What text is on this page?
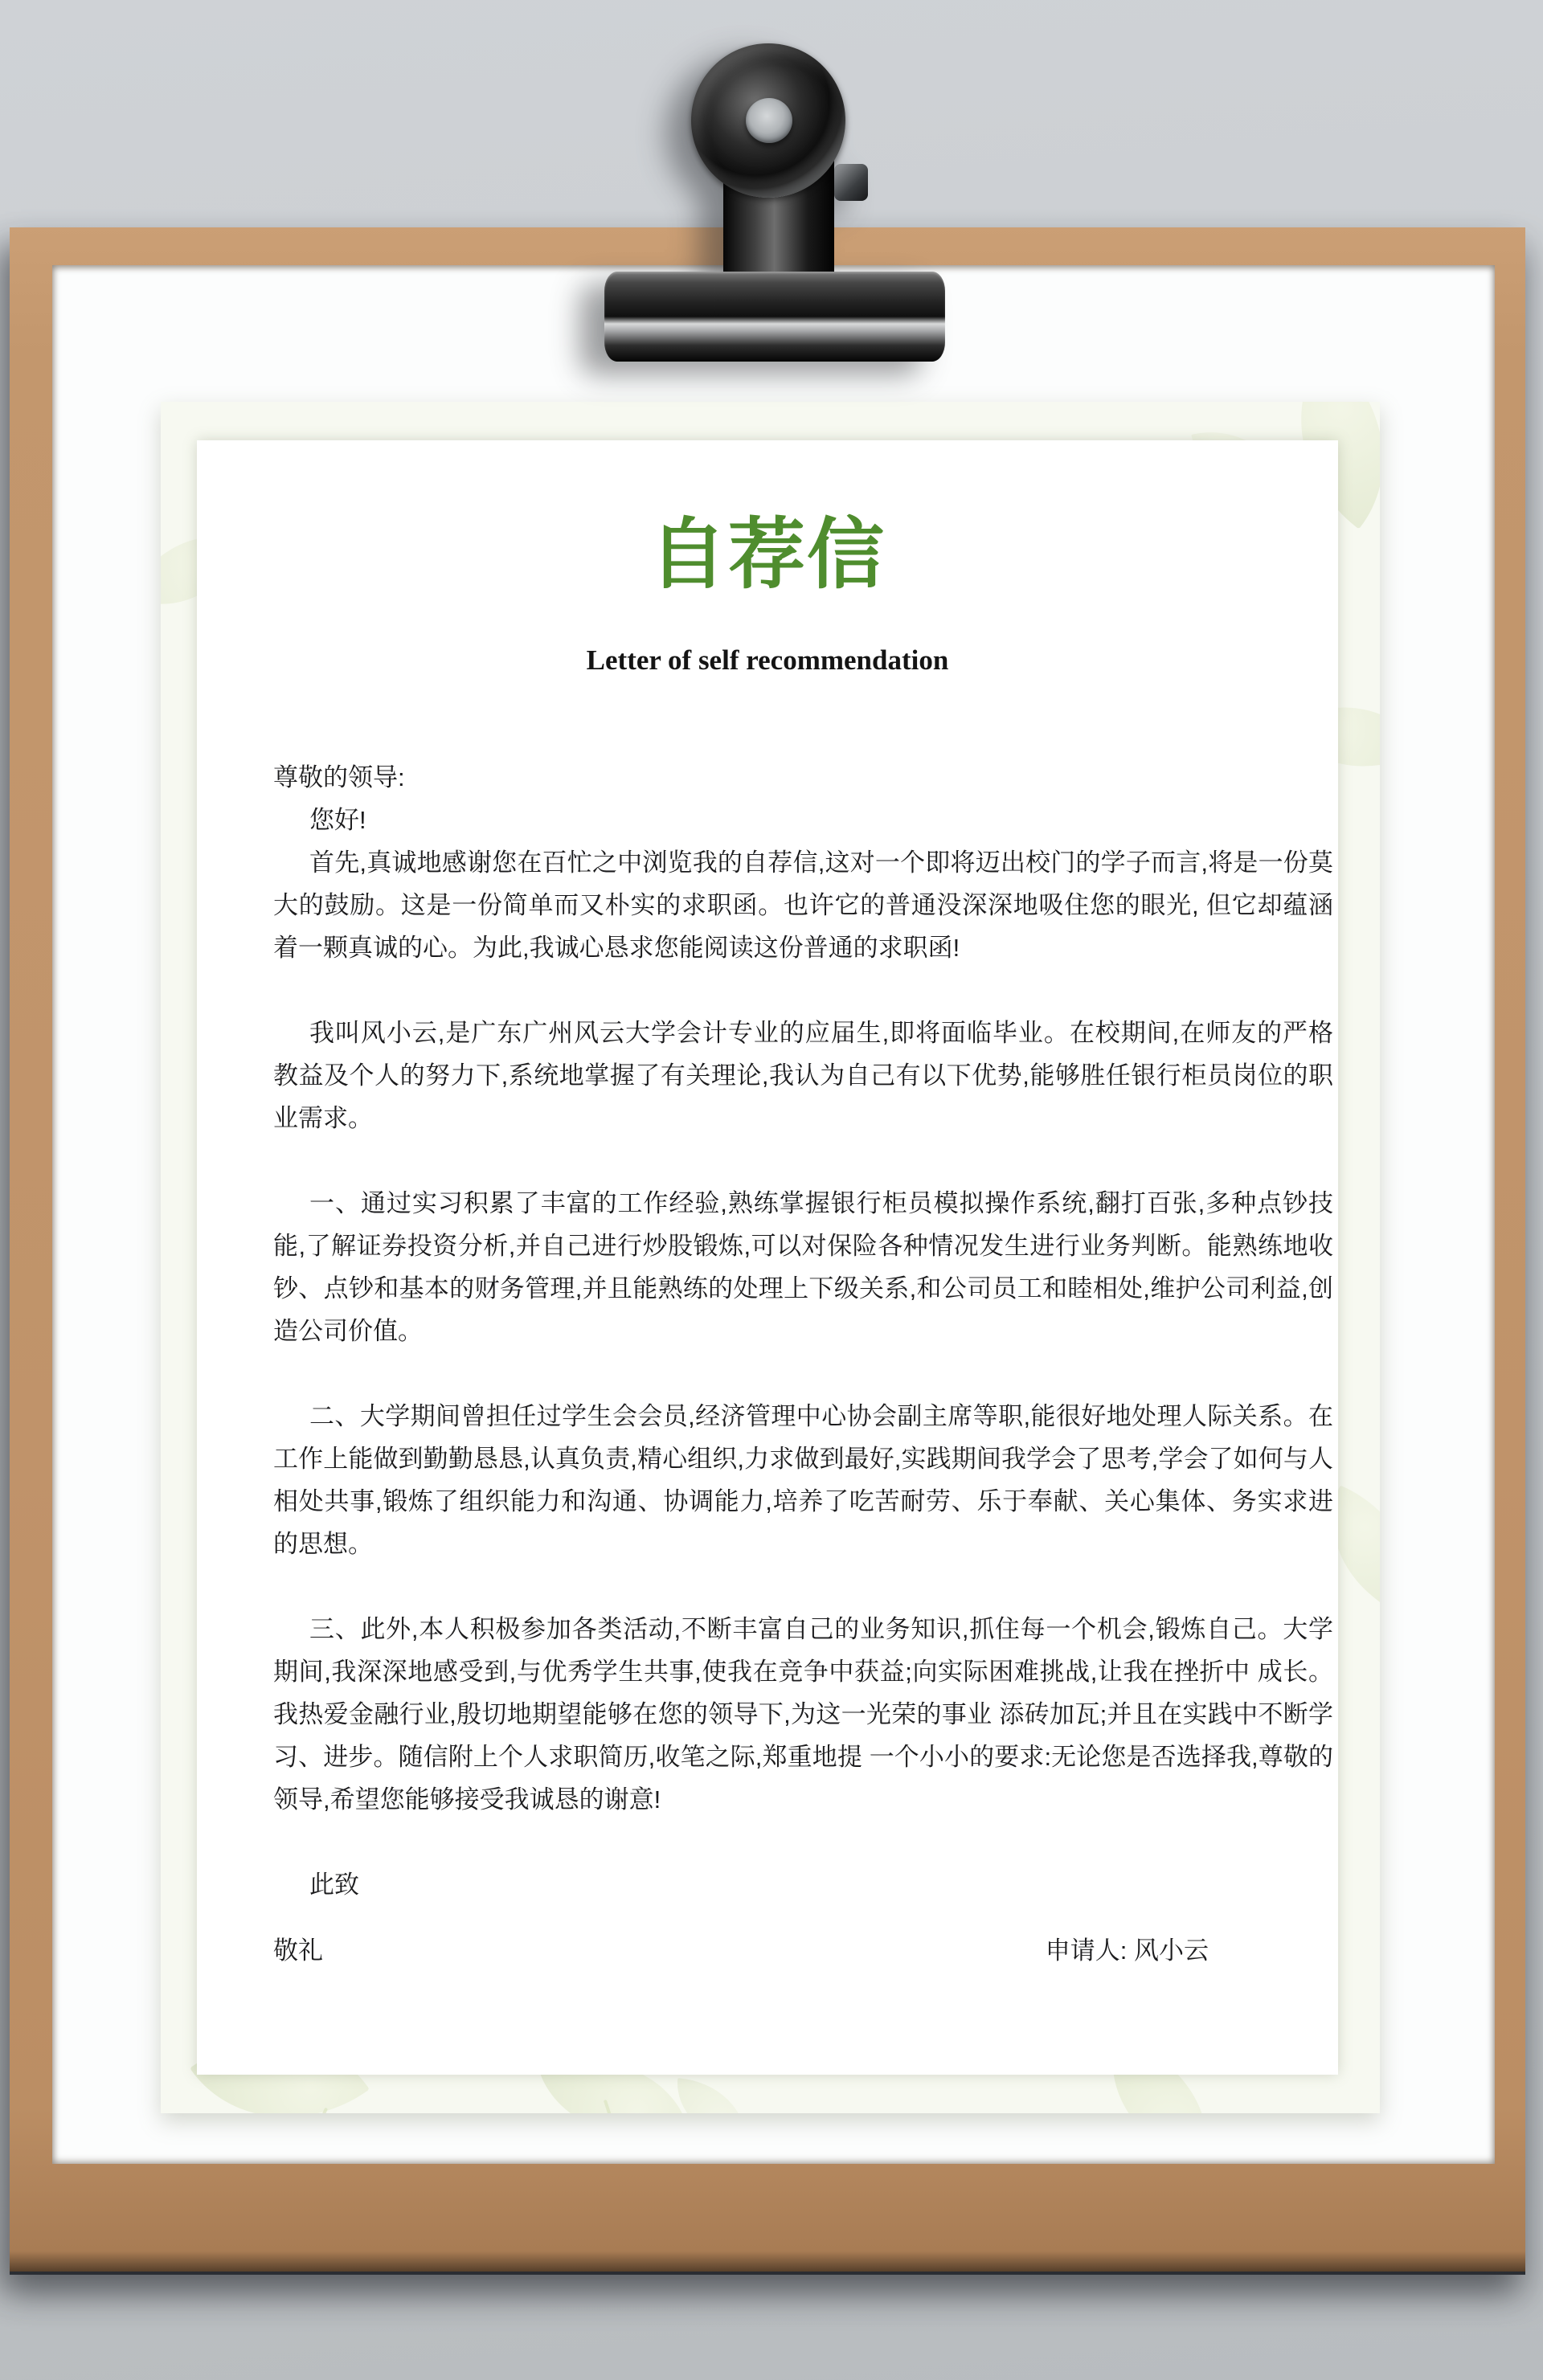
自荐信
Letter of self recommendation

尊敬的领导:

您好!

首先,真诚地感谢您在百忙之中浏览我的自荐信,这对一个即将迈出校门的学子而言,将是一份莫大的鼓励。这是一份简单而又朴实的求职函。也许它的普通没深深地吸住您的眼光, 但它却蕴涵着一颗真诚的心。为此,我诚心恳求您能阅读这份普通的求职函!

我叫风小云,是广东广州风云大学会计专业的应届生,即将面临毕业。在校期间,在师友的严格 教益及个人的努力下,系统地掌握了有关理论,我认为自己有以下优势,能够胜任银行柜员岗位的职业需求。

一、通过实习积累了丰富的工作经验,熟练掌握银行柜员模拟操作系统,翻打百张,多种点钞技能,了解证券投资分析,并自己进行炒股锻炼,可以对保险各种情况发生进行业务判断。能熟练地收钞、点钞和基本的财务管理,并且能熟练的处理上下级关系,和公司员工和睦相处,维护公司利益,创造公司价值。

二、大学期间曾担任过学生会会员,经济管理中心协会副主席等职,能很好地处理人际关系。在工作上能做到勤勤恳恳,认真负责,精心组织,力求做到最好,实践期间我学会了思考,学会了如何与人相处共事,锻炼了组织能力和沟通、协调能力,培养了吃苦耐劳、乐于奉献、关心集体、务实求进的思想。

三、此外,本人积极参加各类活动,不断丰富自己的业务知识,抓住每一个机会,锻炼自己。大学期间,我深深地感受到,与优秀学生共事,使我在竞争中获益;向实际困难挑战,让我在挫折中 成长。我热爱金融行业,殷切地期望能够在您的领导下,为这一光荣的事业 添砖加瓦;并且在实践中不断学习、进步。随信附上个人求职简历,收笔之际,郑重地提 一个小小的要求:无论您是否选择我,尊敬的领导,希望您能够接受我诚恳的谢意!

此致

敬礼	申请人: 风小云
